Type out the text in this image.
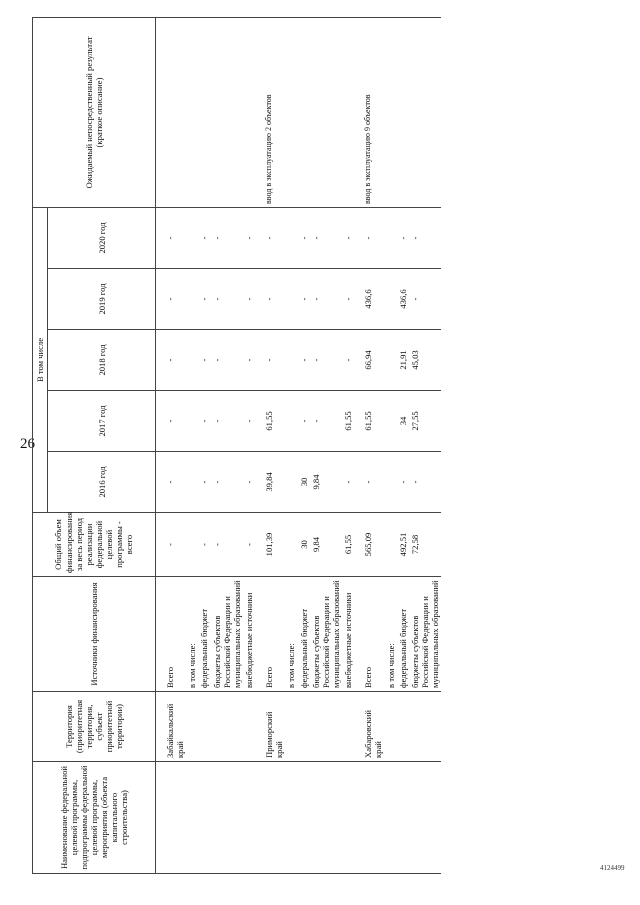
26
4124499
Наименование федеральной целевой программы, подпрограммы федеральной целевой программы, мероприятия (объекта капитального строительства)	Территория (приоритетная территория, субъект приоритетной территории)	Источники финансирования	Общий объем финансирования за весь период реализации федеральной целевой программы - всего	В том числе					Ожидаемый непосредственный результат (краткое описание)
				2016 год	2017 год	2018 год	2019 год	2020 год	

	Забайкальский край	Всего	-	-	-	-	-	-	
		в том числе:							
		федеральный бюджет	-	-	-	-	-	-	
		бюджеты субъектов Российской Федерации и муниципальных образований	-	-	-	-	-	-	
		внебюджетные источники	-	-	-	-	-	-	

	Приморский край	Всего	101,39	39,84	61,55	-	-	-	ввод в эксплуатацию 2 объектов
		в том числе:							
		федеральный бюджет	30	30	-	-	-	-	
		бюджеты субъектов Российской Федерации и муниципальных образований	9,84	9,84	-	-	-	-	
		внебюджетные источники	61,55	-	61,55	-	-	-	

	Хабаровский край	Всего	565,09	-	61,55	66,94	436,6	-	ввод в эксплуатацию 9 объектов
		в том числе:							
		федеральный бюджет	492,51	-	34	21,91	436,6	-	
		бюджеты субъектов Российской Федерации и муниципальных образований	72,58	-	27,55	45,03	-	-	
